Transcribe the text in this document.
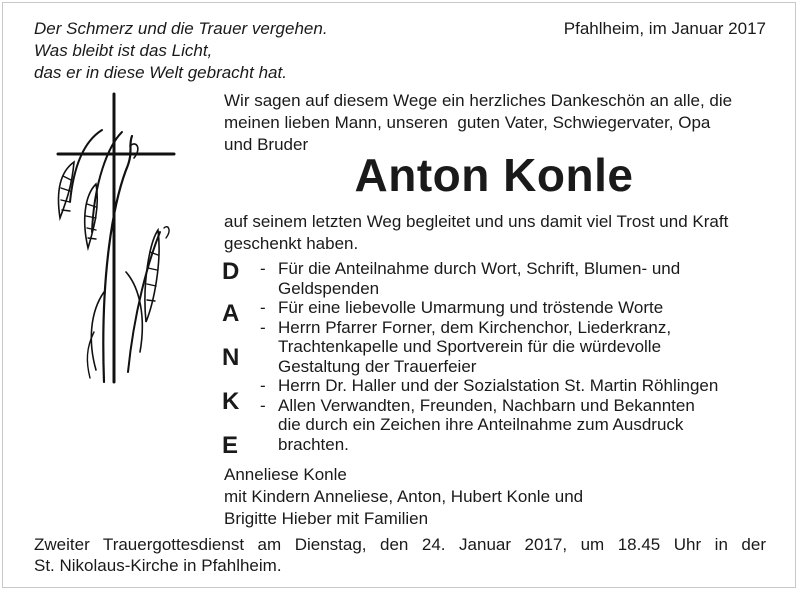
Der Schmerz und die Trauer vergehen.
Was bleibt ist das Licht,
das er in diese Welt gebracht hat.
Pfahlheim, im Januar 2017
Wir sagen auf diesem Wege ein herzliches Dankeschön an alle, die
meinen lieben Mann, unseren  guten Vater, Schwiegervater, Opa
und Bruder
Anton Konle
auf seinem letzten Weg begleitet und uns damit viel Trost und Kraft
geschenkt haben.
D
A
N
K
E
- Für die Anteilnahme durch Wort, Schrift, Blumen- und
Geldspenden
- Für eine liebevolle Umarmung und tröstende Worte
- Herrn Pfarrer Forner, dem Kirchenchor, Liederkranz,
Trachtenkapelle und Sportverein für die würdevolle
Gestaltung der Trauerfeier
- Herrn Dr. Haller und der Sozialstation St. Martin Röhlingen
- Allen Verwandten, Freunden, Nachbarn und Bekannten
die durch ein Zeichen ihre Anteilnahme zum Ausdruck
brachten.
Anneliese Konle
mit Kindern Anneliese, Anton, Hubert Konle und
Brigitte Hieber mit Familien
Zweiter Trauergottesdienst am Dienstag, den 24. Januar 2017, um 18.45 Uhr in der
St. Nikolaus-Kirche in Pfahlheim.
